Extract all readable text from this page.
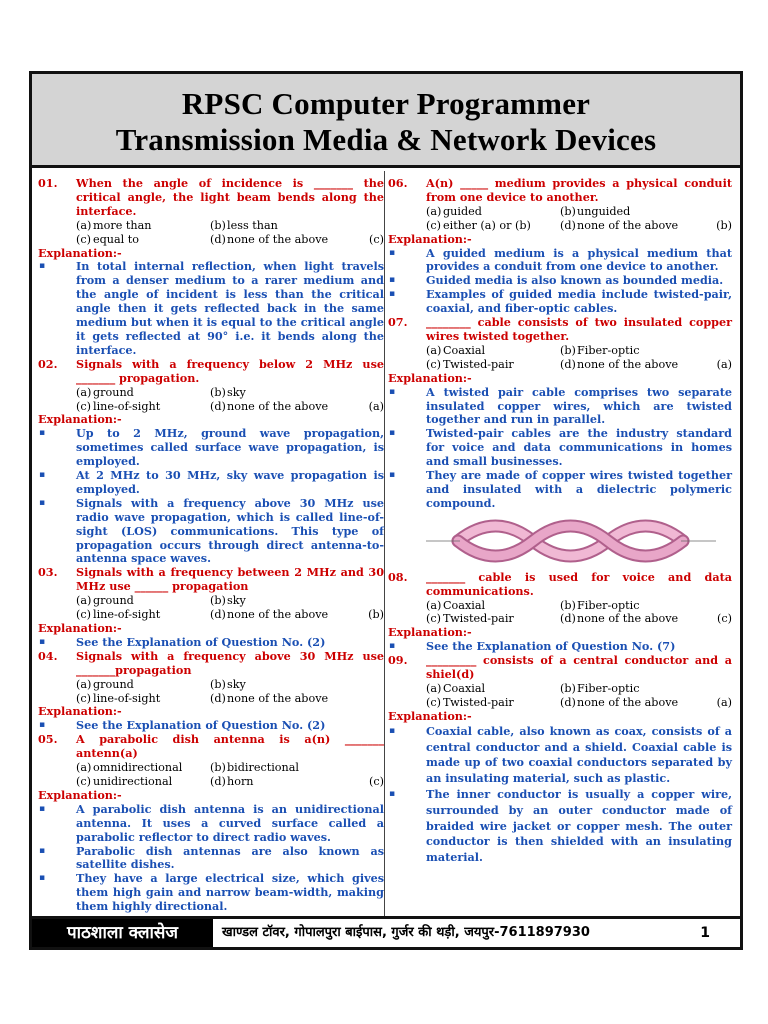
RPSC Computer Programmer
Transmission Media & Network Devices
01.	When the angle of incidence is _______ the critical angle, the light beam bends along the interface.
(a) more than	(b) less than
(c) equal to	(d) none of the above	(c)
Explanation:-
▪	In total internal reflection, when light travels from a denser medium to a rarer medium and the angle of incident is less than the critical angle then it gets reflected back in the same medium but when it is equal to the critical angle it gets reflected at 90° i.e. it bends along the interface.
02.	Signals with a frequency below 2 MHz use _______ propagation.
(a) ground	(b) sky
(c) line-of-sight	(d) none of the above	(a)
Explanation:-
▪	Up to 2 MHz, ground wave propagation, sometimes called surface wave propagation, is employed.
▪	At 2 MHz to 30 MHz, sky wave propagation is employed.
▪	Signals with a frequency above 30 MHz use radio wave propagation, which is called line-of-sight (LOS) communications. This type of propagation occurs through direct antenna-to-antenna space waves.
03.	Signals with a frequency between 2 MHz and 30 MHz use ______ propagation
(a) ground	(b) sky
(c) line-of-sight	(d) none of the above	(b)
Explanation:-
▪	See the Explanation of Question No. (2)
04.	Signals with a frequency above 30 MHz use _______propagation
(a) ground	(b) sky
(c) line-of-sight	(d) none of the above
Explanation:-
▪	See the Explanation of Question No. (2)
05.	A parabolic dish antenna is a(n) _______ antenn(a)
(a) omnidirectional	(b) bidirectional
(c) unidirectional	(d) horn	(c)
Explanation:-
▪	A parabolic dish antenna is an unidirectional antenna. It uses a curved surface called a parabolic reflector to direct radio waves.
▪	Parabolic dish antennas are also known as satellite dishes.
▪	They have a large electrical size, which gives them high gain and narrow beam-width, making them highly directional.
06.	A(n) _____ medium provides a physical conduit from one device to another.
(a) guided	(b) unguided
(c) either (a) or (b)	(d) none of the above	(b)
Explanation:-
▪	A guided medium is a physical medium that provides a conduit from one device to another.
▪	Guided media is also known as bounded media.
▪	Examples of guided media include twisted-pair, coaxial, and fiber-optic cables.
07.	________ cable consists of two insulated copper wires twisted together.
(a) Coaxial	(b) Fiber-optic
(c) Twisted-pair	(d) none of the above	(a)
Explanation:-
▪	A twisted pair cable comprises two separate insulated copper wires, which are twisted together and run in parallel.
▪	Twisted-pair cables are the industry standard for voice and data communications in homes and small businesses.
▪	They are made of copper wires twisted together and insulated with a dielectric polymeric compound.
08.	_______ cable is used for voice and data communications.
(a) Coaxial	(b) Fiber-optic
(c) Twisted-pair	(d) none of the above	(c)
Explanation:-
▪	See the Explanation of Question No. (7)
09.	_________ consists of a central conductor and a shiel(d)
(a) Coaxial	(b) Fiber-optic
(c) Twisted-pair	(d) none of the above	(a)
Explanation:-
▪	Coaxial cable, also known as coax, consists of a central conductor and a shield. Coaxial cable is made up of two coaxial conductors separated by an insulating material, such as plastic.
▪	The inner conductor is usually a copper wire, surrounded by an outer conductor made of braided wire jacket or copper mesh. The outer conductor is then shielded with an insulating material.
पाठशाला क्लासेज	खाण्डल टॉवर, गोपालपुरा बाईपास, गुर्जर की थड़ी, जयपुर-7611897930	1
